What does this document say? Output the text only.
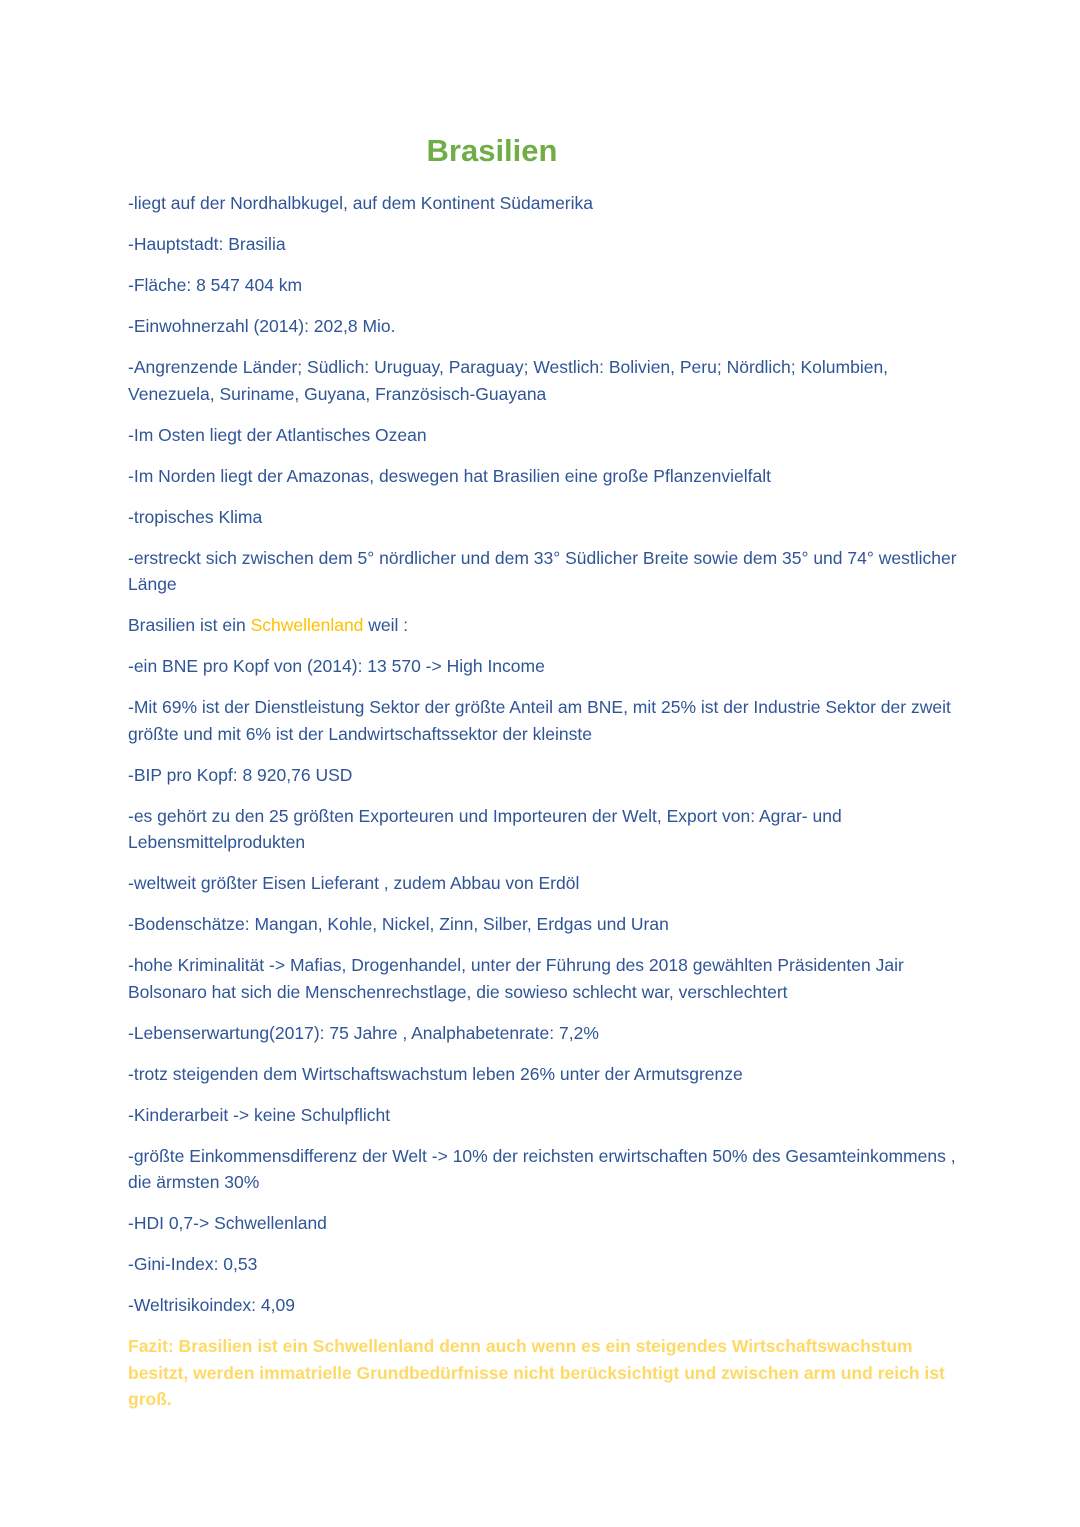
Brasilien

-liegt auf der Nordhalbkugel, auf dem Kontinent Südamerika

-Hauptstadt: Brasilia

-Fläche: 8 547 404 km

-Einwohnerzahl (2014): 202,8 Mio.

-Angrenzende Länder; Südlich: Uruguay, Paraguay; Westlich: Bolivien, Peru; Nördlich; Kolumbien, Venezuela, Suriname, Guyana, Französisch-Guayana

-Im Osten liegt der Atlantisches Ozean

-Im Norden liegt der Amazonas, deswegen hat Brasilien eine große Pflanzenvielfalt

-tropisches Klima

-erstreckt sich zwischen dem 5° nördlicher und dem 33° Südlicher Breite sowie dem 35° und 74° westlicher Länge

Brasilien ist ein Schwellenland weil :

-ein BNE pro Kopf von (2014): 13 570 -> High Income

-Mit 69% ist der Dienstleistung Sektor der größte Anteil am BNE, mit 25% ist der Industrie Sektor der zweit größte und mit 6% ist der Landwirtschaftssektor der kleinste

-BIP pro Kopf: 8 920,76 USD

-es gehört zu den 25 größten Exporteuren und Importeuren der Welt, Export von: Agrar- und Lebensmittelprodukten

-weltweit größter Eisen Lieferant , zudem Abbau von Erdöl

-Bodenschätze: Mangan, Kohle, Nickel, Zinn, Silber, Erdgas und Uran

-hohe Kriminalität -> Mafias, Drogenhandel, unter der Führung des 2018 gewählten Präsidenten Jair Bolsonaro hat sich die Menschenrechstlage, die sowieso schlecht war, verschlechtert

-Lebenserwartung(2017): 75 Jahre , Analphabetenrate: 7,2%

-trotz steigenden dem Wirtschaftswachstum leben 26% unter der Armutsgrenze

-Kinderarbeit -> keine Schulpflicht

-größte Einkommensdifferenz der Welt -> 10% der reichsten erwirtschaften 50% des Gesamteinkommens , die ärmsten 30%

-HDI 0,7-> Schwellenland

-Gini-Index: 0,53

-Weltrisikoindex: 4,09

Fazit: Brasilien ist ein Schwellenland denn auch wenn es ein steigendes Wirtschaftswachstum besitzt, werden immatrielle Grundbedürfnisse nicht berücksichtigt und zwischen arm und reich ist groß.
